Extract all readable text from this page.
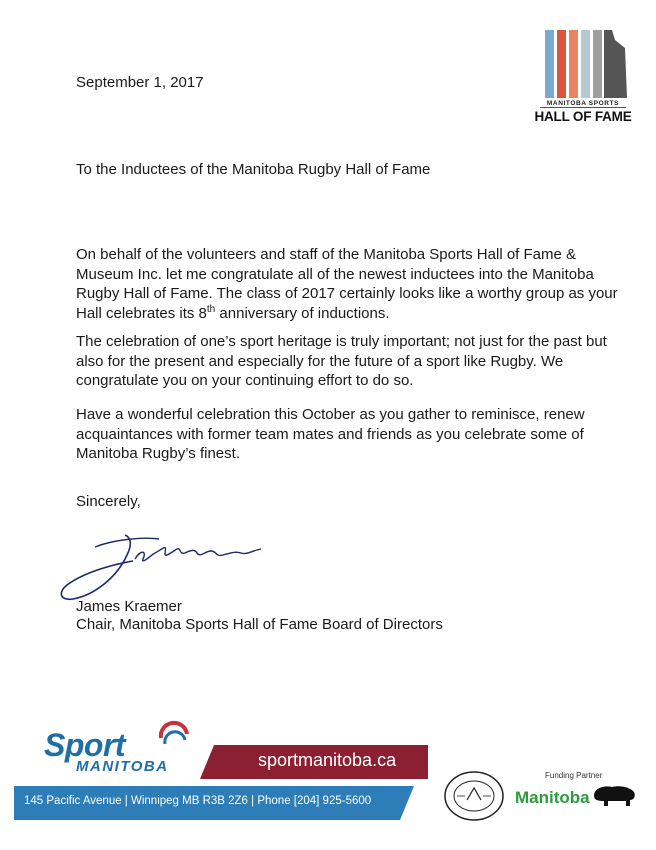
September 1, 2017
MANITOBA SPORTS
HALL OF FAME
To the Inductees of the Manitoba Rugby Hall of Fame
On behalf of the volunteers and staff of the Manitoba Sports Hall of Fame & Museum Inc. let me congratulate all of the newest inductees into the Manitoba Rugby Hall of Fame. The class of 2017 certainly looks like a worthy group as your Hall celebrates its 8th anniversary of inductions.
The celebration of one’s sport heritage is truly important; not just for the past but also for the present and especially for the future of a sport like Rugby. We congratulate you on your continuing effort to do so.
Have a wonderful celebration this October as you gather to reminisce, renew acquaintances with former team mates and friends as you celebrate some of Manitoba Rugby’s finest.
Sincerely,
James Kraemer
Chair, Manitoba Sports Hall of Fame Board of Directors
Sport
MANITOBA	sportmanitoba.ca
145 Pacific Avenue | Winnipeg MB R3B 2Z6 | Phone [204] 925-5600
Funding Partner
Manitoba
